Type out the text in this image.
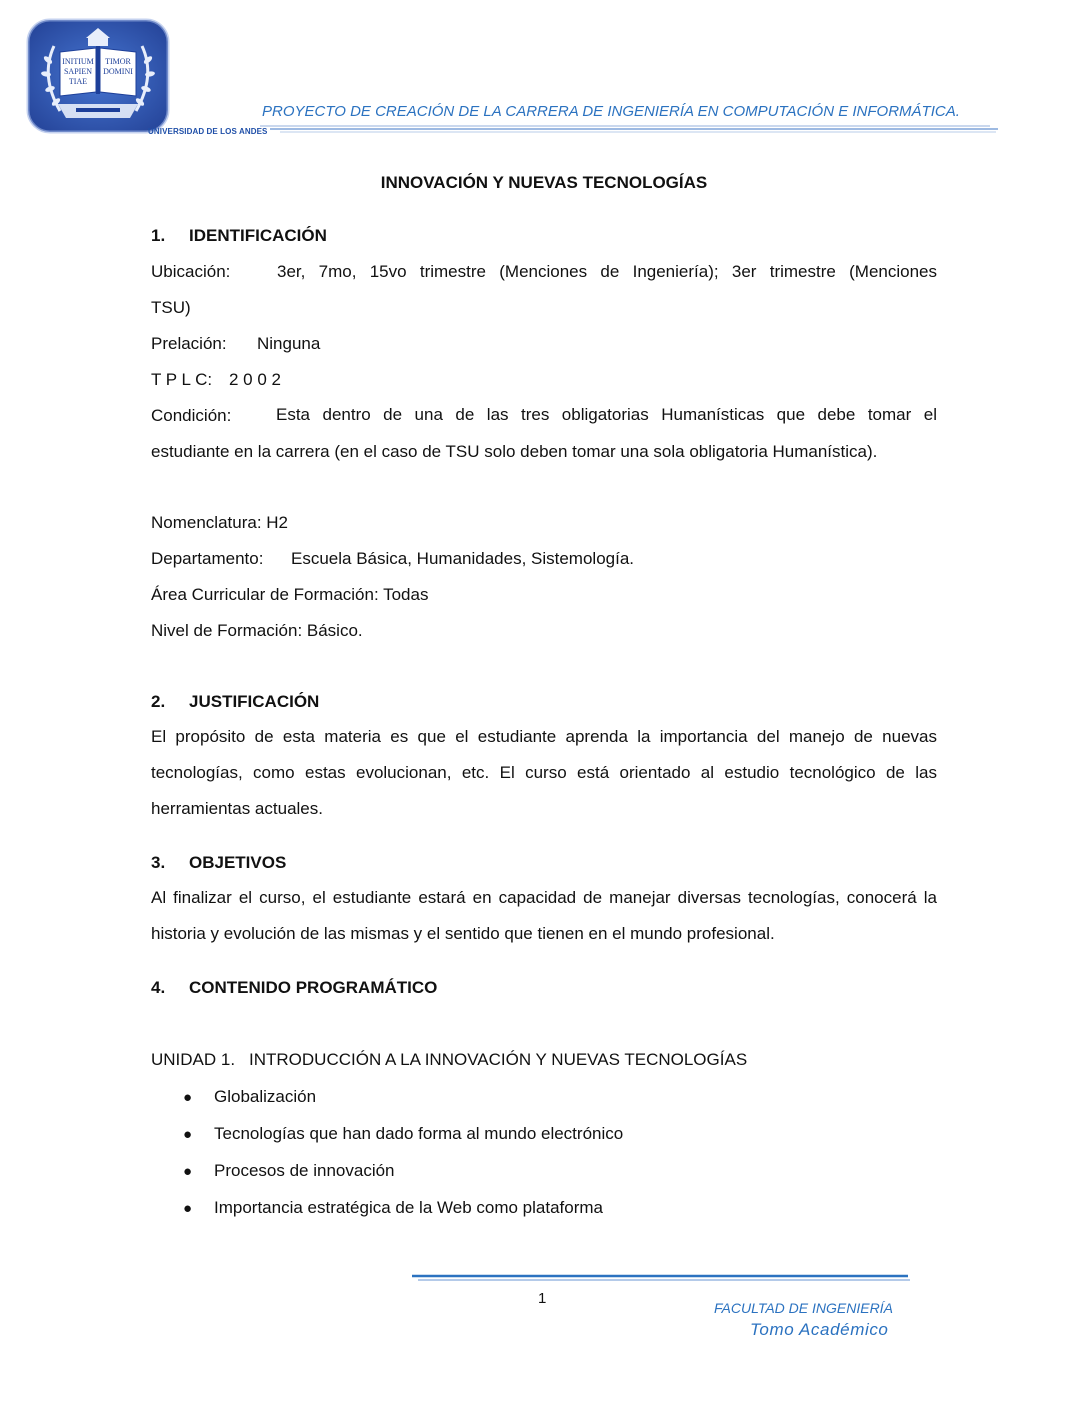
INITIUM
SAPIEN
TIAE
TIMOR
DOMINI
UNIVERSIDAD DE LOS ANDES
PROYECTO DE CREACIÓN DE LA CARRERA DE INGENIERÍA EN COMPUTACIÓN E INFORMÁTICA.
INNOVACIÓN Y NUEVAS TECNOLOGÍAS
1. IDENTIFICACIÓN
Ubicación:	3er, 7mo, 15vo trimestre (Menciones de Ingeniería); 3er trimestre (Menciones
TSU)
Prelación: Ninguna
T P L C: 2 0 0 2
Condición:	Esta dentro de una de las tres obligatorias Humanísticas que debe tomar el
estudiante en la carrera (en el caso de TSU solo deben tomar una sola obligatoria Humanística).
Nomenclatura: H2
Departamento: Escuela Básica, Humanidades, Sistemología.
Área Curricular de Formación: Todas
Nivel de Formación: Básico.
2. JUSTIFICACIÓN
El propósito de esta materia es que el estudiante aprenda la importancia del manejo de nuevas
tecnologías, como estas evolucionan, etc. El curso está orientado al estudio tecnológico de las
herramientas actuales.
3. OBJETIVOS
Al finalizar el curso, el estudiante estará en capacidad de manejar diversas tecnologías, conocerá la
historia y evolución de las mismas y el sentido que tienen en el mundo profesional.
4. CONTENIDO PROGRAMÁTICO
UNIDAD 1. INTRODUCCIÓN A LA INNOVACIÓN Y NUEVAS TECNOLOGÍAS
● Globalización
● Tecnologías que han dado forma al mundo electrónico
● Procesos de innovación
● Importancia estratégica de la Web como plataforma
1
FACULTAD DE INGENIERÍA
Tomo Académico
